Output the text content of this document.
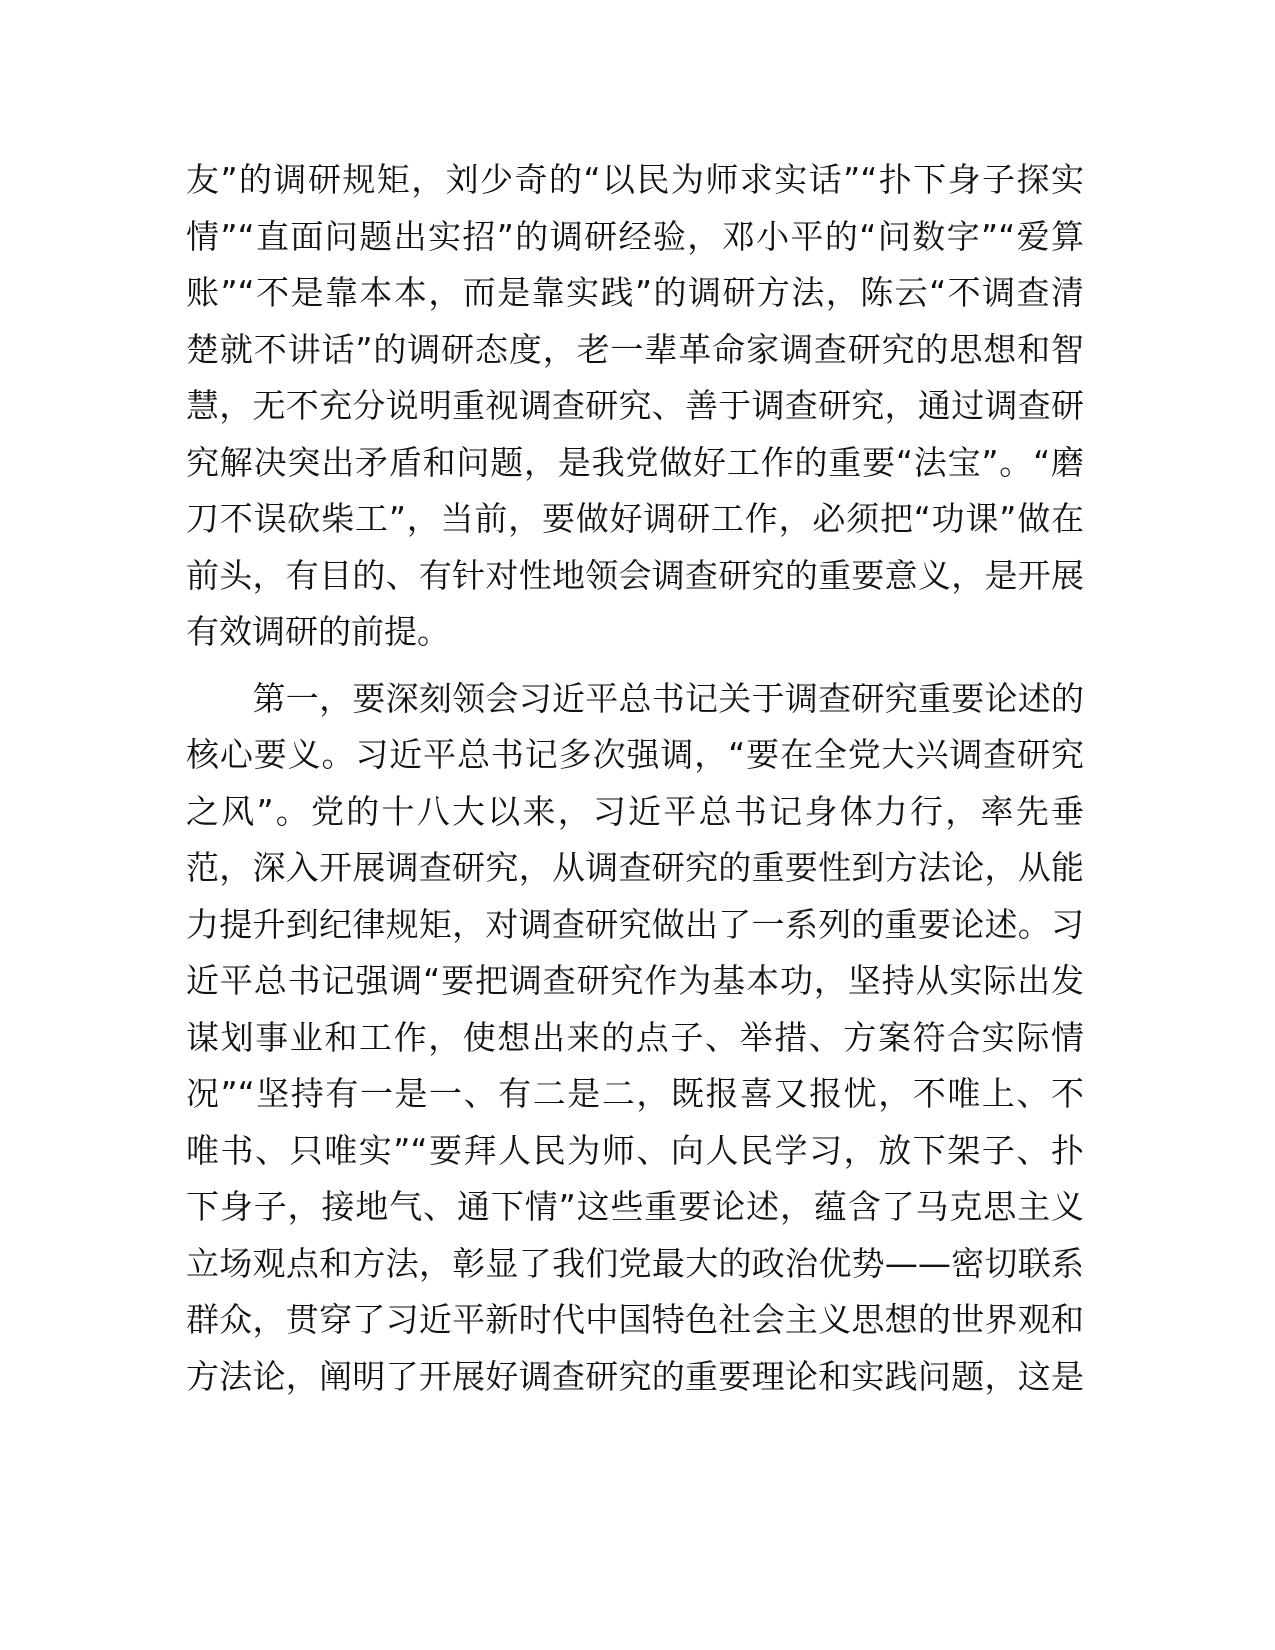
友”的调研规矩，刘少奇的“以民为师求实话”“扑下身子探实
情”“直面问题出实招”的调研经验，邓小平的“问数字”“爱算
账”“不是靠本本，而是靠实践”的调研方法，陈云“不调查清
楚就不讲话”的调研态度，老一辈革命家调查研究的思想和智
慧，无不充分说明重视调查研究、善于调查研究，通过调查研
究解决突出矛盾和问题，是我党做好工作的重要“法宝”。“磨
刀不误砍柴工”，当前，要做好调研工作，必须把“功课”做在
前头，有目的、有针对性地领会调查研究的重要意义，是开展
有效调研的前提。
　　第一，要深刻领会习近平总书记关于调查研究重要论述的
核心要义。习近平总书记多次强调，“要在全党大兴调查研究
之风”。党的十八大以来，习近平总书记身体力行，率先垂
范，深入开展调查研究，从调查研究的重要性到方法论，从能
力提升到纪律规矩，对调查研究做出了一系列的重要论述。习
近平总书记强调“要把调查研究作为基本功，坚持从实际出发
谋划事业和工作，使想出来的点子、举措、方案符合实际情
况”“坚持有一是一、有二是二，既报喜又报忧，不唯上、不
唯书、只唯实”“要拜人民为师、向人民学习，放下架子、扑
下身子，接地气、通下情”这些重要论述，蕴含了马克思主义
立场观点和方法，彰显了我们党最大的政治优势——密切联系
群众，贯穿了习近平新时代中国特色社会主义思想的世界观和
方法论，阐明了开展好调查研究的重要理论和实践问题，这是
